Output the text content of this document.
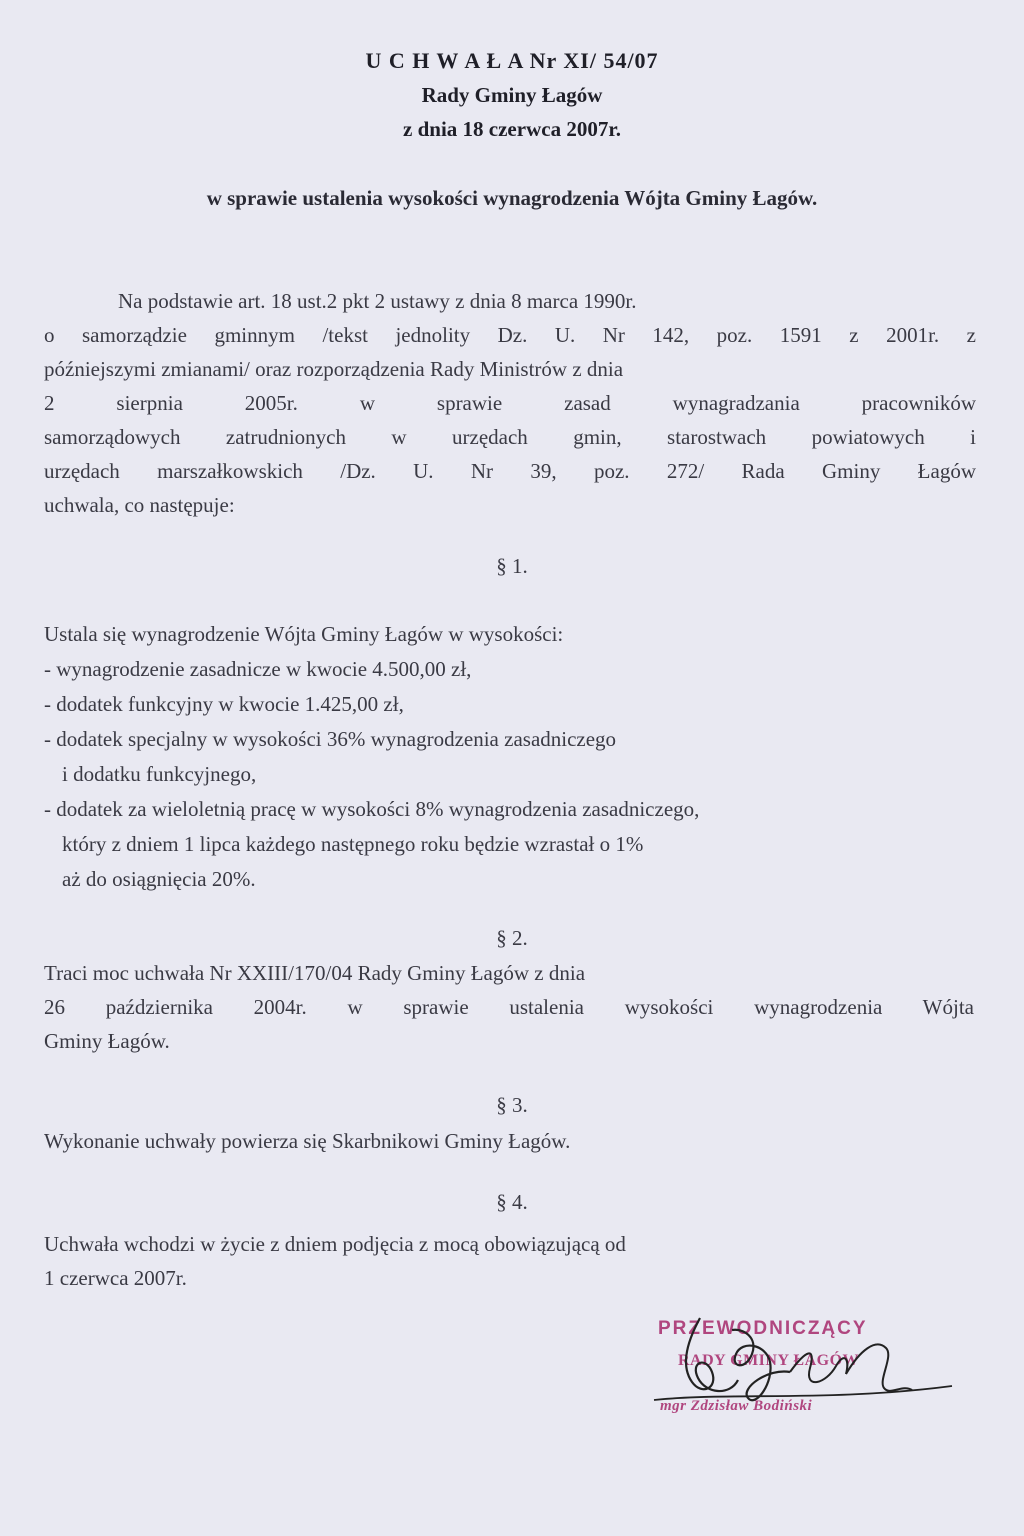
U C H W A Ł A Nr XI/ 54/07
Rady Gminy Łagów
z dnia 18 czerwca 2007r.
w sprawie ustalenia wysokości wynagrodzenia Wójta Gminy Łagów.
Na podstawie art. 18 ust.2 pkt 2 ustawy z dnia 8 marca 1990r.
o samorządzie gminnym /tekst jednolity Dz. U. Nr 142, poz. 1591 z 2001r. z
późniejszymi zmianami/ oraz rozporządzenia Rady Ministrów z dnia
2 sierpnia 2005r. w sprawie zasad wynagradzania pracowników
samorządowych zatrudnionych w urzędach gmin, starostwach powiatowych i
urzędach marszałkowskich /Dz. U. Nr 39, poz. 272/ Rada Gminy Łagów
uchwala, co następuje:
§ 1.
Ustala się wynagrodzenie Wójta Gminy Łagów w wysokości:
- wynagrodzenie zasadnicze w kwocie 4.500,00 zł,
- dodatek funkcyjny w kwocie 1.425,00 zł,
- dodatek specjalny w wysokości 36% wynagrodzenia zasadniczego
i dodatku funkcyjnego,
- dodatek za wieloletnią pracę w wysokości 8% wynagrodzenia zasadniczego,
który z dniem 1 lipca każdego następnego roku będzie wzrastał o 1%
aż do osiągnięcia 20%.
§ 2.
Traci moc uchwała Nr XXIII/170/04 Rady Gminy Łagów z dnia
26 października 2004r. w sprawie ustalenia wysokości wynagrodzenia Wójta
Gminy Łagów.
§ 3.
Wykonanie uchwały powierza się Skarbnikowi Gminy Łagów.
§ 4.
Uchwała wchodzi w życie z dniem podjęcia z mocą obowiązującą od
1 czerwca 2007r.
PRZEWODNICZĄCY
RADY GMINY ŁAGÓW
mgr Zdzisław Bodiński
